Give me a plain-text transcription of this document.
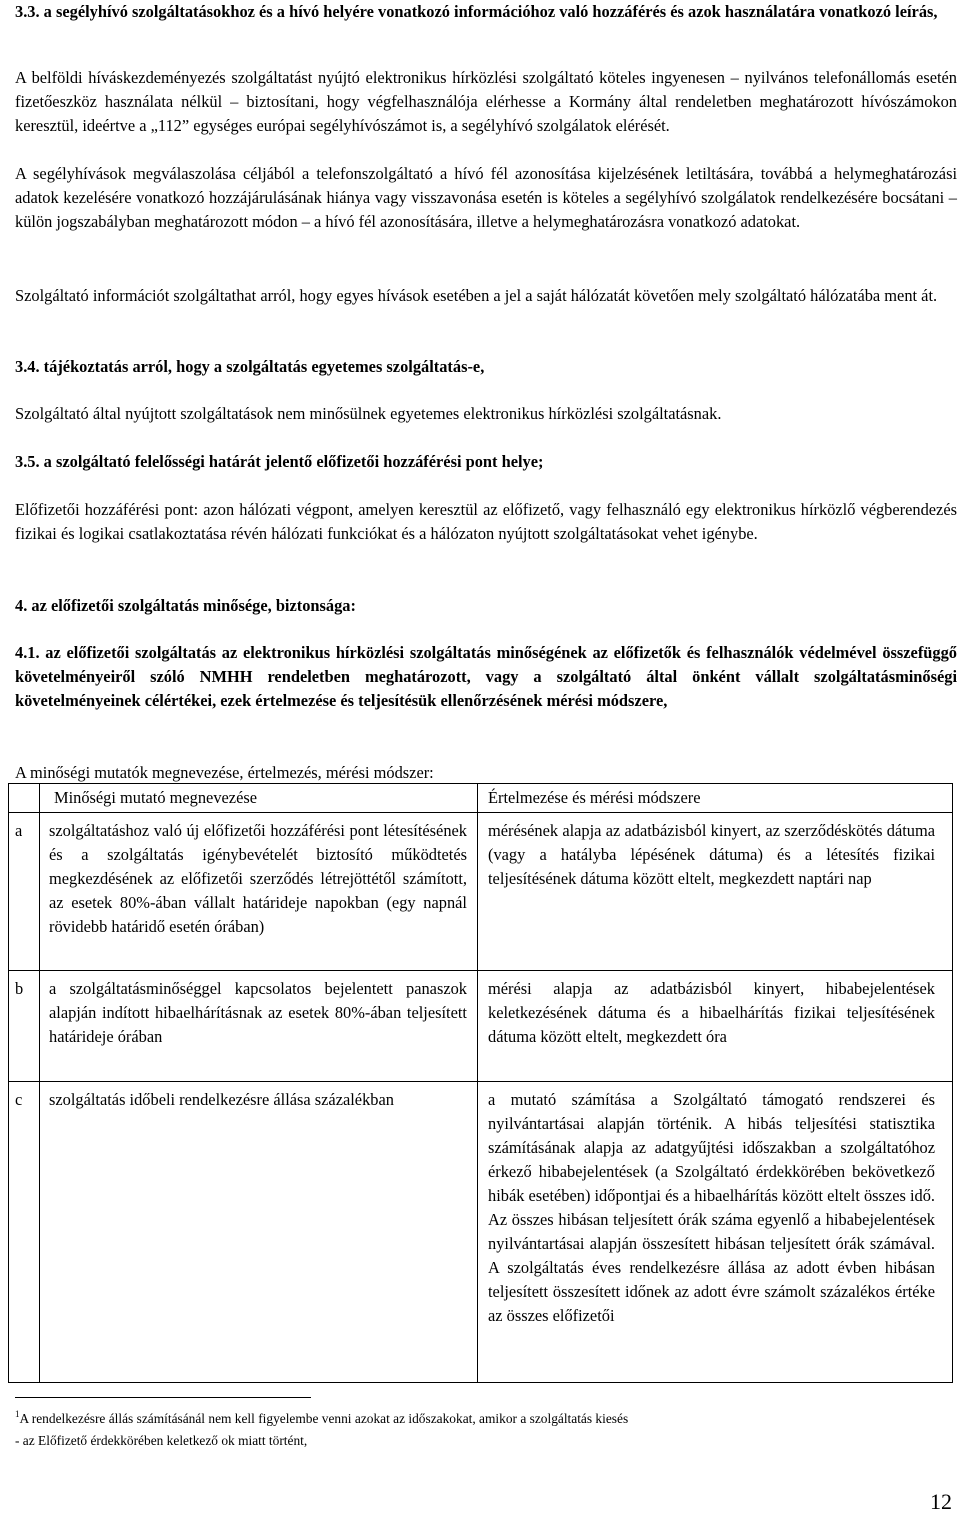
3.3. a segélyhívó szolgáltatásokhoz és a hívó helyére vonatkozó információhoz való hozzáférés és azok használatára vonatkozó leírás,

A belföldi híváskezdeményezés szolgáltatást nyújtó elektronikus hírközlési szolgáltató köteles ingyenesen – nyilvános telefonállomás esetén fizetőeszköz használata nélkül – biztosítani, hogy végfelhasználója elérhesse a Kormány által rendeletben meghatározott hívószámokon keresztül, ideértve a „112” egységes európai segélyhívószámot is, a segélyhívó szolgálatok elérését.

A segélyhívások megválaszolása céljából a telefonszolgáltató a hívó fél azonosítása kijelzésének letiltására, továbbá a helymeghatározási adatok kezelésére vonatkozó hozzájárulásának hiánya vagy visszavonása esetén is köteles a segélyhívó szolgálatok rendelkezésére bocsátani – külön jogszabályban meghatározott módon – a hívó fél azonosítására, illetve a helymeghatározásra vonatkozó adatokat.

Szolgáltató információt szolgáltathat arról, hogy egyes hívások esetében a jel a saját hálózatát követően mely szolgáltató hálózatába ment át.

3.4. tájékoztatás arról, hogy a szolgáltatás egyetemes szolgáltatás-e,

Szolgáltató által nyújtott szolgáltatások nem minősülnek egyetemes elektronikus hírközlési szolgáltatásnak.

3.5. a szolgáltató felelősségi határát jelentő előfizetői hozzáférési pont helye;

Előfizetői hozzáférési pont: azon hálózati végpont, amelyen keresztül az előfizető, vagy felhasználó egy elektronikus hírközlő végberendezés fizikai és logikai csatlakoztatása révén hálózati funkciókat és a hálózaton nyújtott szolgáltatásokat vehet igénybe.

4. az előfizetői szolgáltatás minősége, biztonsága:

4.1. az előfizetői szolgáltatás az elektronikus hírközlési szolgáltatás minőségének az előfizetők és felhasználók védelmével összefüggő követelményeiről szóló NMHH rendeletben meghatározott, vagy a szolgáltató által önként vállalt szolgáltatásminőségi követelményeinek célértékei, ezek értelmezése és teljesítésük ellenőrzésének mérési módszere,

A minőségi mutatók megnevezése, értelmezés, mérési módszer:

	Minőségi mutató megnevezése	Értelmezése és mérési módszere
a	szolgáltatáshoz való új előfizetői hozzáférési pont létesítésének és a szolgáltatás igénybevételét biztosító működtetés megkezdésének az előfizetői szerződés létrejöttétől számított, az esetek 80%-ában vállalt határideje napokban (egy napnál rövidebb határidő esetén órában)	mérésének alapja az adatbázisból kinyert, az szerződéskötés dátuma (vagy a hatályba lépésének dátuma) és a létesítés fizikai teljesítésének dátuma között eltelt, megkezdett naptári nap
b	a szolgáltatásminőséggel kapcsolatos bejelentett panaszok alapján indított hibaelhárításnak az esetek 80%-ában teljesített határideje órában	mérési alapja az adatbázisból kinyert, hibabejelentések keletkezésének dátuma és a hibaelhárítás fizikai teljesítésének dátuma között eltelt, megkezdett óra
c	szolgáltatás időbeli rendelkezésre állása százalékban	a mutató számítása a Szolgáltató támogató rendszerei és nyilvántartásai alapján történik. A hibás teljesítési statisztika számításának alapja az adatgyűjtési időszakban a szolgáltatóhoz érkező hibabejelentések (a Szolgáltató érdekkörében bekövetkező hibák esetében) időpontjai és a hibaelhárítás között eltelt összes idő. Az összes hibásan teljesített órák száma egyenlő a hibabejelentések nyilvántartásai alapján összesített hibásan teljesített órák számával. A szolgáltatás éves rendelkezésre állása az adott évben hibásan teljesített összesített időnek az adott évre számolt százalékos értéke az összes előfizetői
$^1$A rendelkezésre állás számításánál nem kell figyelembe venni azokat az időszakokat, amikor a szolgáltatás kiesés
- az Előfizető érdekkörében keletkező ok miatt történt,
12
